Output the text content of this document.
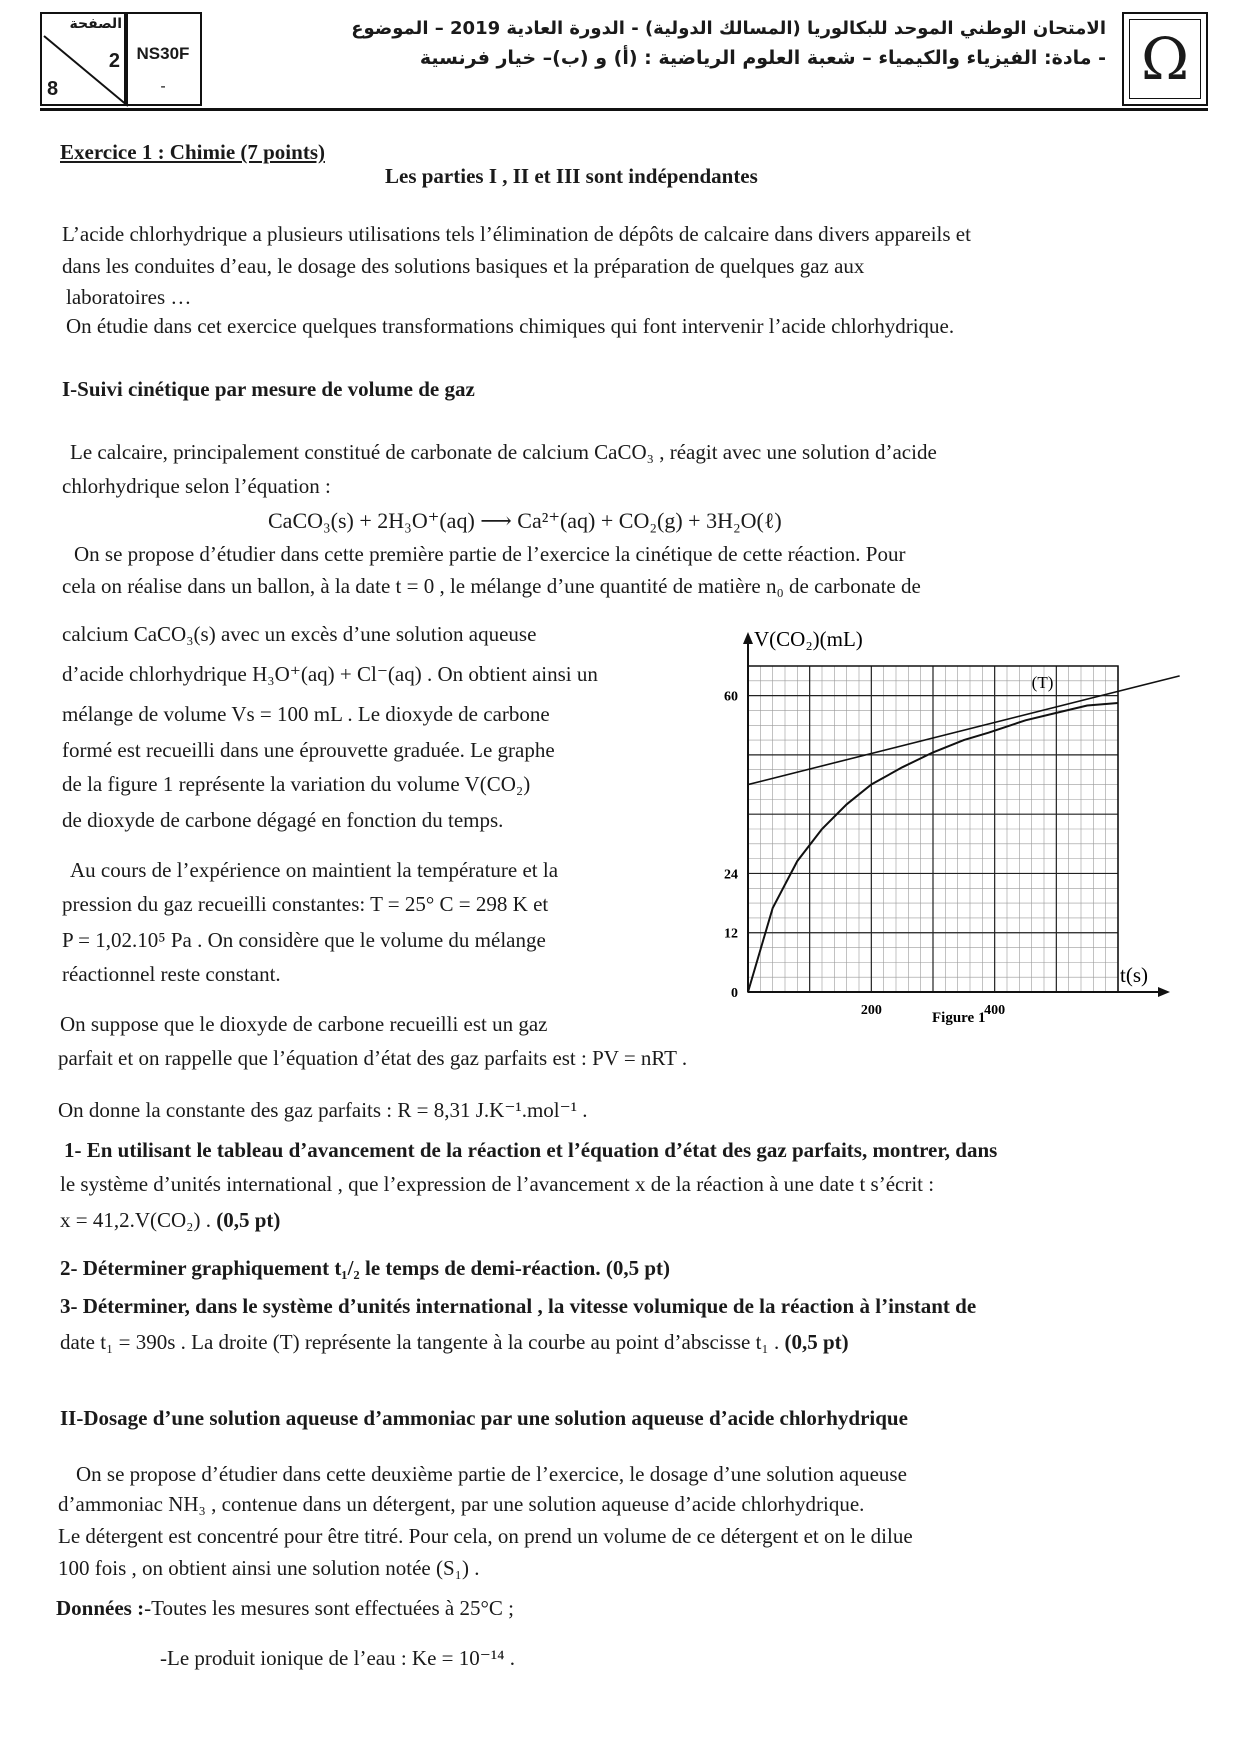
الصفحة
2
8
NS30F
-
الامتحان الوطني الموحد للبكالوريا (المسالك الدولية) - الدورة العادية 2019 – الموضوع
- مادة: الفيزياء والكيمياء – شعبة العلوم الرياضية : (أ) و (ب)– خيار فرنسية Ω
Exercice 1 : Chimie (7 points)
Les parties I , II et III sont indépendantes
L’acide chlorhydrique a plusieurs utilisations tels l’élimination de dépôts de calcaire dans divers appareils et
dans les conduites d’eau, le dosage des solutions basiques et la préparation de quelques gaz aux
laboratoires …
On étudie dans cet exercice quelques transformations chimiques qui font intervenir l’acide chlorhydrique.
I-Suivi cinétique par mesure de volume de gaz
Le calcaire, principalement constitué de carbonate de calcium CaCO₃ , réagit avec une solution d’acide
chlorhydrique selon l’équation :
CaCO₃(s) + 2H₃O⁺(aq) ⟶ Ca²⁺(aq) + CO₂(g) + 3H₂O(ℓ)
On se propose d’étudier dans cette première partie de l’exercice la cinétique de cette réaction. Pour
cela on réalise dans un ballon, à la date t = 0 , le mélange d’une quantité de matière n₀ de carbonate de
calcium CaCO₃(s) avec un excès d’une solution aqueuse
d’acide chlorhydrique H₃O⁺(aq) + Cl⁻(aq) . On obtient ainsi un
mélange de volume Vs = 100 mL . Le dioxyde de carbone
formé est recueilli dans une éprouvette graduée. Le graphe
de la figure 1 représente la variation du volume V(CO₂)
de dioxyde de carbone dégagé en fonction du temps.
Au cours de l’expérience on maintient la température et la
pression du gaz recueilli constantes: T = 25° C = 298 K et
P = 1,02.10⁵ Pa . On considère que le volume du mélange
réactionnel reste constant.
On suppose que le dioxyde de carbone recueilli est un gaz
parfait et on rappelle que l’équation d’état des gaz parfaits est : PV = nRT .
On donne la constante des gaz parfaits : R = 8,31 J.K⁻¹.mol⁻¹ .
1- En utilisant le tableau d’avancement de la réaction et l’équation d’état des gaz parfaits, montrer, dans
le système d’unités international , que l’expression de l’avancement x de la réaction à une date t s’écrit :
x = 41,2.V(CO₂) . (0,5 pt)
2- Déterminer graphiquement t₁/₂ le temps de demi-réaction. (0,5 pt)
3- Déterminer, dans le système d’unités international , la vitesse volumique de la réaction à l’instant de
date t₁ = 390s . La droite (T) représente la tangente à la courbe au point d’abscisse t₁ . (0,5 pt)
II-Dosage d’une solution aqueuse d’ammoniac par une solution aqueuse d’acide chlorhydrique
On se propose d’étudier dans cette deuxième partie de l’exercice, le dosage d’une solution aqueuse
d’ammoniac NH₃ , contenue dans un détergent, par une solution aqueuse d’acide chlorhydrique.
Le détergent est concentré pour être titré. Pour cela, on prend un volume de ce détergent et on le dilue
100 fois , on obtient ainsi une solution notée (S₁) .
Données :-Toutes les mesures sont effectuées à 25°C ;
-Le produit ionique de l’eau : Ke = 10⁻¹⁴ .
0
12
24
60
200	400
V(CO₂)(mL)
t(s)
Figure 1
(T)
